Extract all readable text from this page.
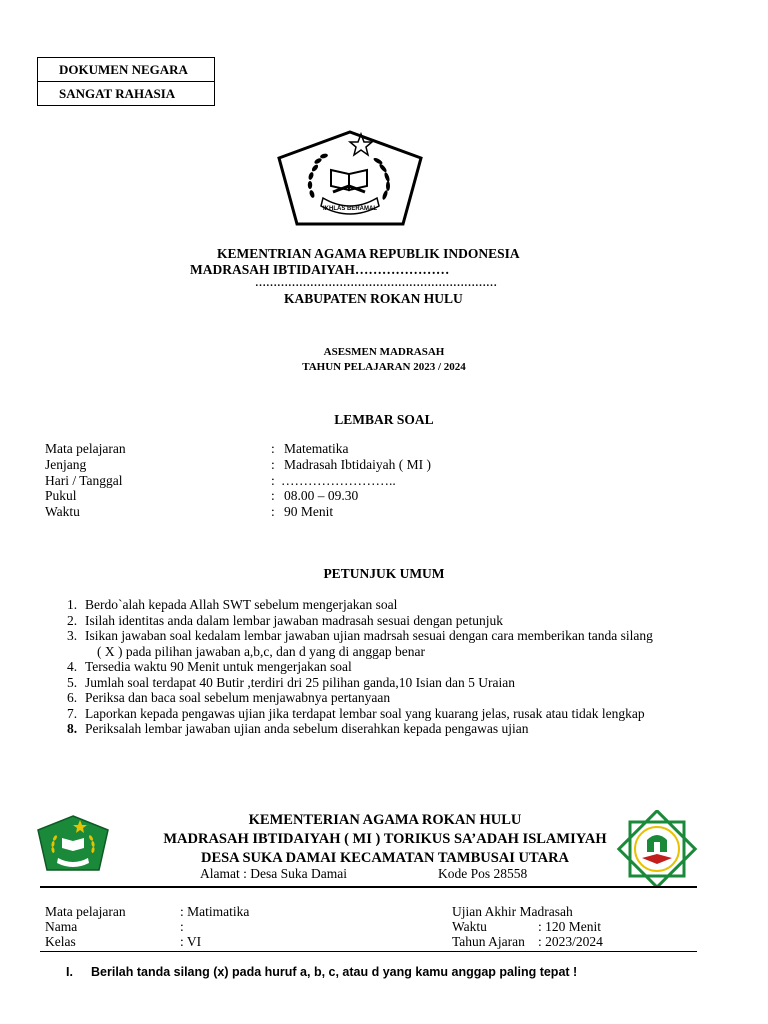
DOKUMEN NEGARA
SANGAT RAHASIA
IKHLAS BERAMAL
KEMENTRIAN AGAMA REPUBLIK INDONESIA
MADRASAH IBTIDAIYAH…………………
…………………………………………………………
KABUPATEN ROKAN HULU
ASESMEN MADRASAH
TAHUN PELAJARAN 2023 / 2024
LEMBAR SOAL
Mata pelajaran	: Matematika
Jenjang	: Madrasah Ibtidaiyah ( MI )
Hari / Tanggal	: ……………………..
Pukul	: 08.00 – 09.30
Waktu	: 90 Menit
PETUNJUK UMUM
1. Berdo`alah kepada Allah SWT sebelum mengerjakan soal
2. Isilah identitas anda dalam lembar jawaban madrasah sesuai dengan petunjuk
3. Isikan jawaban soal kedalam lembar jawaban ujian madrsah sesuai dengan cara memberikan tanda silang
( X ) pada pilihan jawaban a,b,c, dan d yang di anggap benar
4. Tersedia waktu 90 Menit untuk mengerjakan soal
5. Jumlah soal terdapat 40 Butir ,terdiri dri 25 pilihan ganda,10 Isian dan 5 Uraian
6. Periksa dan baca soal sebelum menjawabnya pertanyaan
7. Laporkan kepada pengawas ujian jika terdapat lembar soal yang kuarang jelas, rusak atau tidak lengkap
8. Periksalah lembar jawaban ujian anda sebelum diserahkan kepada pengawas ujian
KEMENTERIAN AGAMA ROKAN HULU
MADRASAH IBTIDAIYAH ( MI ) TORIKUS SA’ADAH ISLAMIYAH
DESA SUKA DAMAI KECAMATAN TAMBUSAI UTARA
Alamat : Desa Suka Damai	Kode Pos 28558
Mata pelajaran	: Matimatika
Nama	:
Kelas	: VI
Ujian Akhir Madrasah
Waktu	: 120 Menit
Tahun Ajaran : 2023/2024
I. Berilah tanda silang (x) pada huruf a, b, c, atau d yang kamu anggap paling tepat !
